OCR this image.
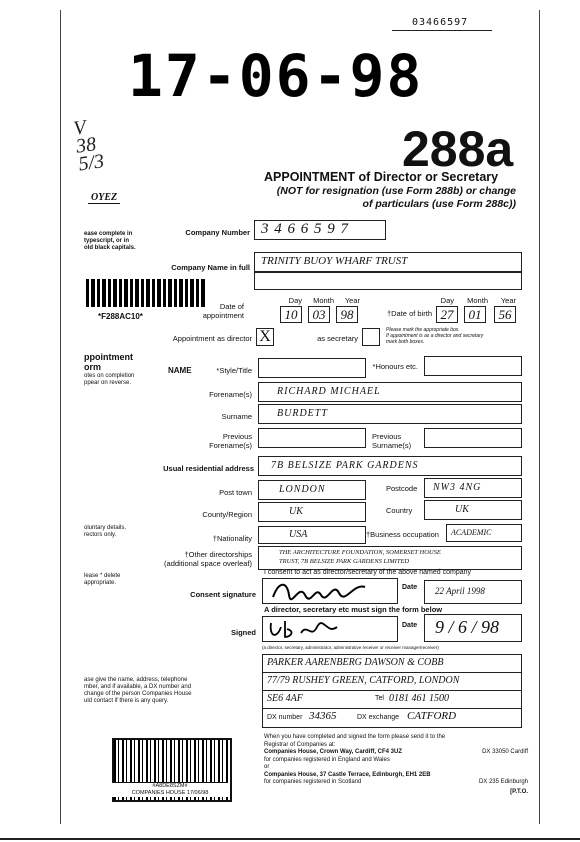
03466597
17-06-98
V
38
5/3	288a
APPOINTMENT of Director or Secretary
(NOT for resignation (use Form 288b) or change
of particulars (use Form 288c))
OYEZ
ease complete in
typescript, or in
old black capitals.
*F288AC10*
ppointment
orm
otes on completion
ppear on reverse.
oluntary details.
rectors only.
lease * delete
appropriate.
ase give the name, address, telephone
mber, and if available, a DX number and
change of the person Companies House
uld contact if there is any query.
Company Number 3 4 6 6 5 9 7
Company Name in full
TRINITY BUOY WHARF TRUST
Date of
appointment
Day	Month	Year
10	03	98	†Date of birth
Day	Month	Year
27	01	56
Appointment as director X	as secretary
Please mark the appropriate box.
If appointment is as a director and secretary
mark both boxes.
NAME	*Style/Title	*Honours etc.
Forename(s)	RICHARD MICHAEL
Surname	BURDETT
Previous
Forename(s)
Previous
Surname(s)
Usual residential address 7B BELSIZE PARK GARDENS
Post town	LONDON	Postcode NW3 4NG
County/Region	UK	Country	UK
†Nationality	USA	†Business occupation ACADEMIC
†Other directorships
(additional space overleaf)
THE ARCHITECTURE FOUNDATION, SOMERSET HOUSE
TRUST, 7B BELSIZE PARK GARDENS LIMITED
I consent to act as director/secretary of the above named company
Consent signature
Date 22 April 1998
A director, secretary etc must sign the form below
Signed
Date 9 / 6 / 98
(a director, secretary, administrator, administrative receiver or receiver manager/receiver)
PARKER AARENBERG DAWSON & COBB
77/79 RUSHEY GREEN, CATFORD, LONDON
SE6 4AF	Tel 0181 461 1500
DX number 34365	DX exchange CATFORD
When you have completed and signed the form please send it to the
Registrar of Companies at:
Companies House, Crown Way, Cardiff, CF4 3UZ	DX 33050 Cardiff
for companies registered in England and Wales
or
Companies House, 37 Castle Terrace, Edinburgh, EH1 2EB
for companies registered in Scotland	DX 235 Edinburgh
[P.T.O.
#A8DE8SZM#
COMPANIES HOUSE 17/06/98
